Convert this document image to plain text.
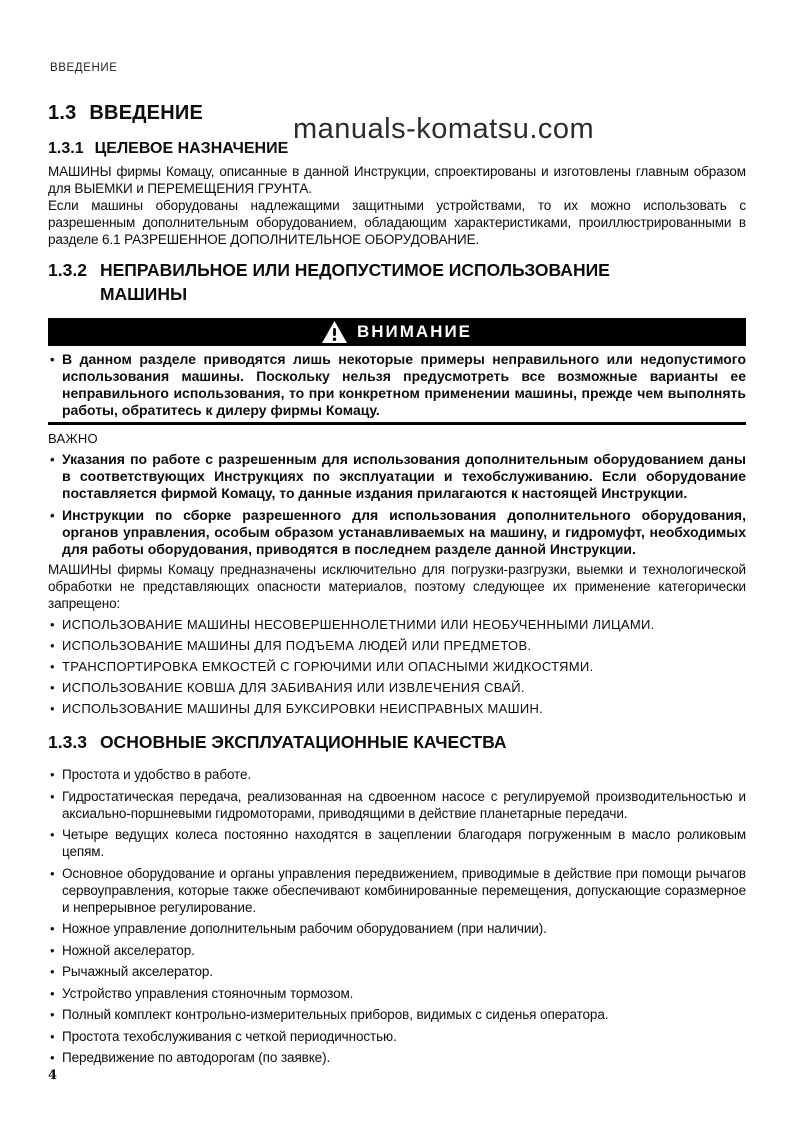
ВВЕДЕНИЕ
manuals-komatsu.com
1.3 ВВЕДЕНИЕ
1.3.1 ЦЕЛЕВОЕ НАЗНАЧЕНИЕ

МАШИНЫ фирмы Комацу, описанные в данной Инструкции, спроектированы и изготовлены главным образом для ВЫЕМКИ и ПЕРЕМЕЩЕНИЯ ГРУНТА.

Если машины оборудованы надлежащими защитными устройствами, то их можно использовать с разрешенным дополнительным оборудованием, обладающим характеристиками, проиллюстрированными в разделе 6.1 РАЗРЕШЕННОЕ ДОПОЛНИТЕЛЬНОЕ ОБОРУДОВАНИЕ.

1.3.2 НЕПРАВИЛЬНОЕ ИЛИ НЕДОПУСТИМОЕ ИСПОЛЬЗОВАНИЕ МАШИНЫ
ВНИМАНИЕ
• В данном разделе приводятся лишь некоторые примеры неправильного или недопустимого использования машины. Поскольку нельзя предусмотреть все возможные варианты ее неправильного использования, то при конкретном применении машины, прежде чем выполнять работы, обратитесь к дилеру фирмы Комацу.
ВАЖНО
• Указания по работе с разрешенным для использования дополнительным оборудованием даны в соответствующих Инструкциях по эксплуатации и техобслуживанию. Если оборудование поставляется фирмой Комацу, то данные издания прилагаются к настоящей Инструкции.
• Инструкции по сборке разрешенного для использования дополнительного оборудования, органов управления, особым образом устанавливаемых на машину, и гидромуфт, необходимых для работы оборудования, приводятся в последнем разделе данной Инструкции.

МАШИНЫ фирмы Комацу предназначены исключительно для погрузки-разгрузки, выемки и технологической обработки не представляющих опасности материалов, поэтому следующее их применение категорически запрещено:

• ИСПОЛЬЗОВАНИЕ МАШИНЫ НЕСОВЕРШЕННОЛЕТНИМИ ИЛИ НЕОБУЧЕННЫМИ ЛИЦАМИ.
• ИСПОЛЬЗОВАНИЕ МАШИНЫ ДЛЯ ПОДЪЕМА ЛЮДЕЙ ИЛИ ПРЕДМЕТОВ.
• ТРАНСПОРТИРОВКА ЕМКОСТЕЙ С ГОРЮЧИМИ ИЛИ ОПАСНЫМИ ЖИДКОСТЯМИ.
• ИСПОЛЬЗОВАНИЕ КОВША ДЛЯ ЗАБИВАНИЯ ИЛИ ИЗВЛЕЧЕНИЯ СВАЙ.
• ИСПОЛЬЗОВАНИЕ МАШИНЫ ДЛЯ БУКСИРОВКИ НЕИСПРАВНЫХ МАШИН.
1.3.3 ОСНОВНЫЕ ЭКСПЛУАТАЦИОННЫЕ КАЧЕСТВА
• Простота и удобство в работе.
• Гидростатическая передача, реализованная на сдвоенном насосе с регулируемой производительностью и аксиально-поршневыми гидромоторами, приводящими в действие планетарные передачи.
• Четыре ведущих колеса постоянно находятся в зацеплении благодаря погруженным в масло роликовым цепям.
• Основное оборудование и органы управления передвижением, приводимые в действие при помощи рычагов сервоуправления, которые также обеспечивают комбинированные перемещения, допускающие соразмерное и непрерывное регулирование.
• Ножное управление дополнительным рабочим оборудованием (при наличии).
• Ножной акселератор.
• Рычажный акселератор.
• Устройство управления стояночным тормозом.
• Полный комплект контрольно-измерительных приборов, видимых с сиденья оператора.
• Простота техобслуживания с четкой периодичностью.
• Передвижение по автодорогам (по заявке).
4
